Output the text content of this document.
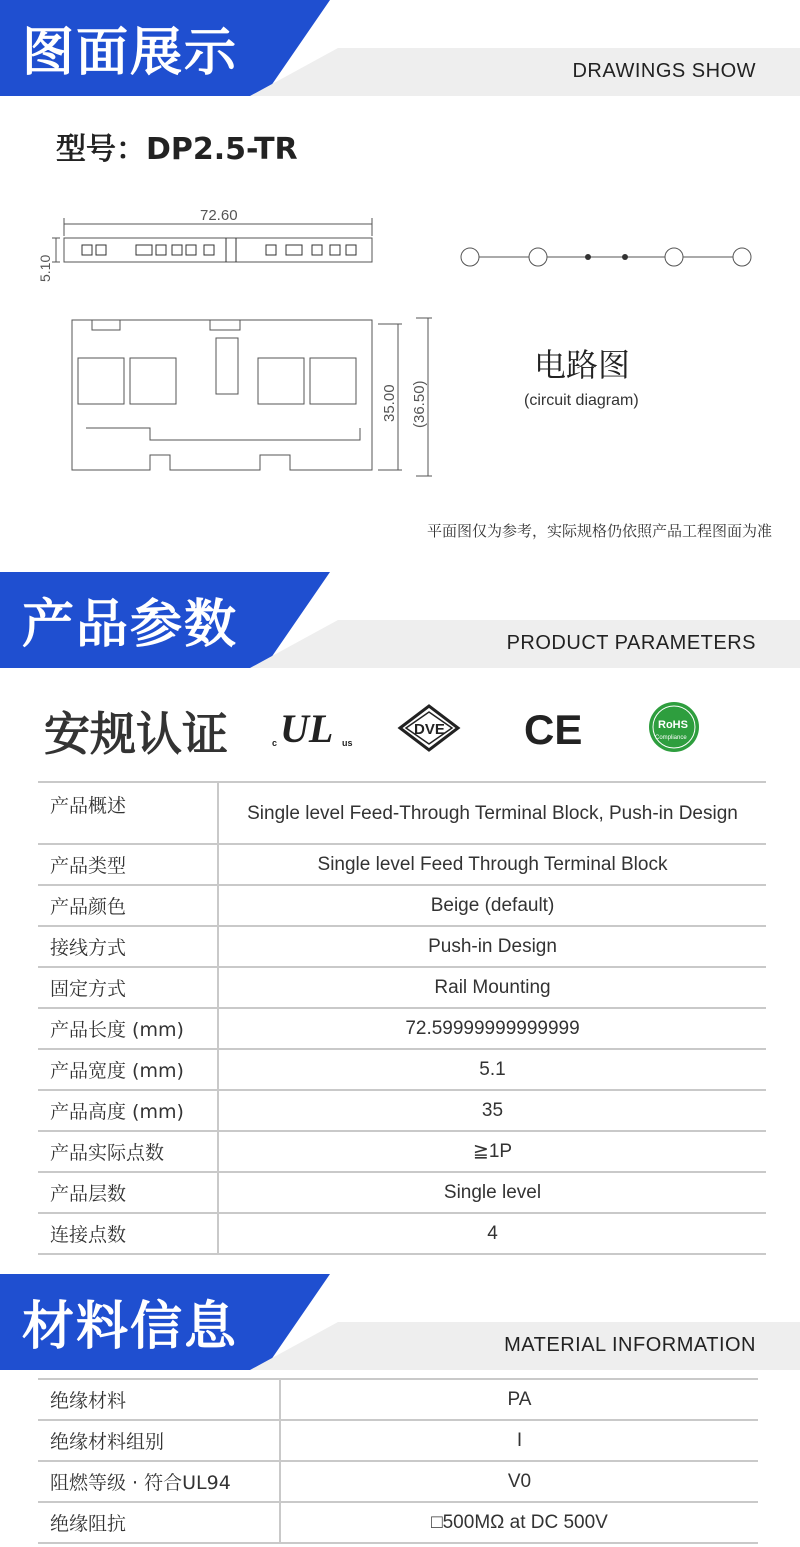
图面展示	DRAWINGS SHOW
型号：DP2.5-TR
72.60
5.10
35.00 (36.50)
电路图
(circuit diagram)
平面图仅为参考，实际规格仍依照产品工程图面为准
产品参数	PRODUCT PARAMETERS
安规认证	c UL us
DVE CE	RoHS
Compliance
产品概述	Single level Feed-Through Terminal Block, Push-in Design
产品类型	Single level Feed Through Terminal Block
产品颜色	Beige (default)
接线方式	Push-in Design
固定方式	Rail Mounting
产品长度 (mm)	72.59999999999999
产品宽度 (mm)	5.1
产品高度 (mm)	35
产品实际点数	≧1P
产品层数	Single level
连接点数	4
材料信息	MATERIAL INFORMATION
绝缘材料	PA
绝缘材料组别	I
阻燃等级 · 符合UL94	V0
绝缘阻抗	□500MΩ at DC 500V
